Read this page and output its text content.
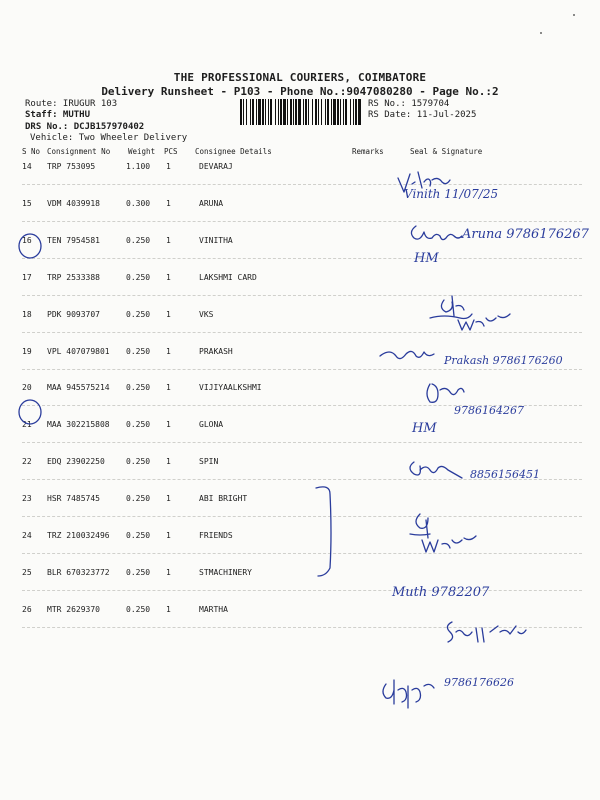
THE PROFESSIONAL COURIERS, COIMBATORE
Delivery Runsheet - P103 - Phone No.:9047080280 - Page No.:2
Route: IRUGUR 103
Staff: MUTHU
DRS No.: DCJB157970402
Vehicle: Two Wheeler Delivery
RS No.: 1579704
RS Date: 11-Jul-2025
S No Consignment No Weight PCS Consignee Details	Remarks	Seal & Signature
14 TRP 753095	1.100 1	DEVARAJ
15 VDM 4039918	0.300 1	ARUNA
16 TEN 7954581	0.250 1	VINITHA
17 TRP 2533388	0.250 1	LAKSHMI CARD
18 PDK 9093707	0.250 1	VKS
19 VPL 407079801 0.250 1	PRAKASH
20 MAA 945575214 0.250 1	VIJIYAALKSHMI
21 MAA 302215808 0.250 1	GLONA
22 EDQ 23902250	0.250 1	SPIN
23 HSR 7485745	0.250 1	ABI BRIGHT
24 TRZ 210032496 0.250 1	FRIENDS
25 BLR 670323772 0.250 1	STMACHINERY
26 MTR 2629370	0.250 1	MARTHA
Vinith 11/07/25
Aruna 9786176267
HM
Prakash 9786176260
9786164267
HM
8856156451
Muth 9782207
9786176626
